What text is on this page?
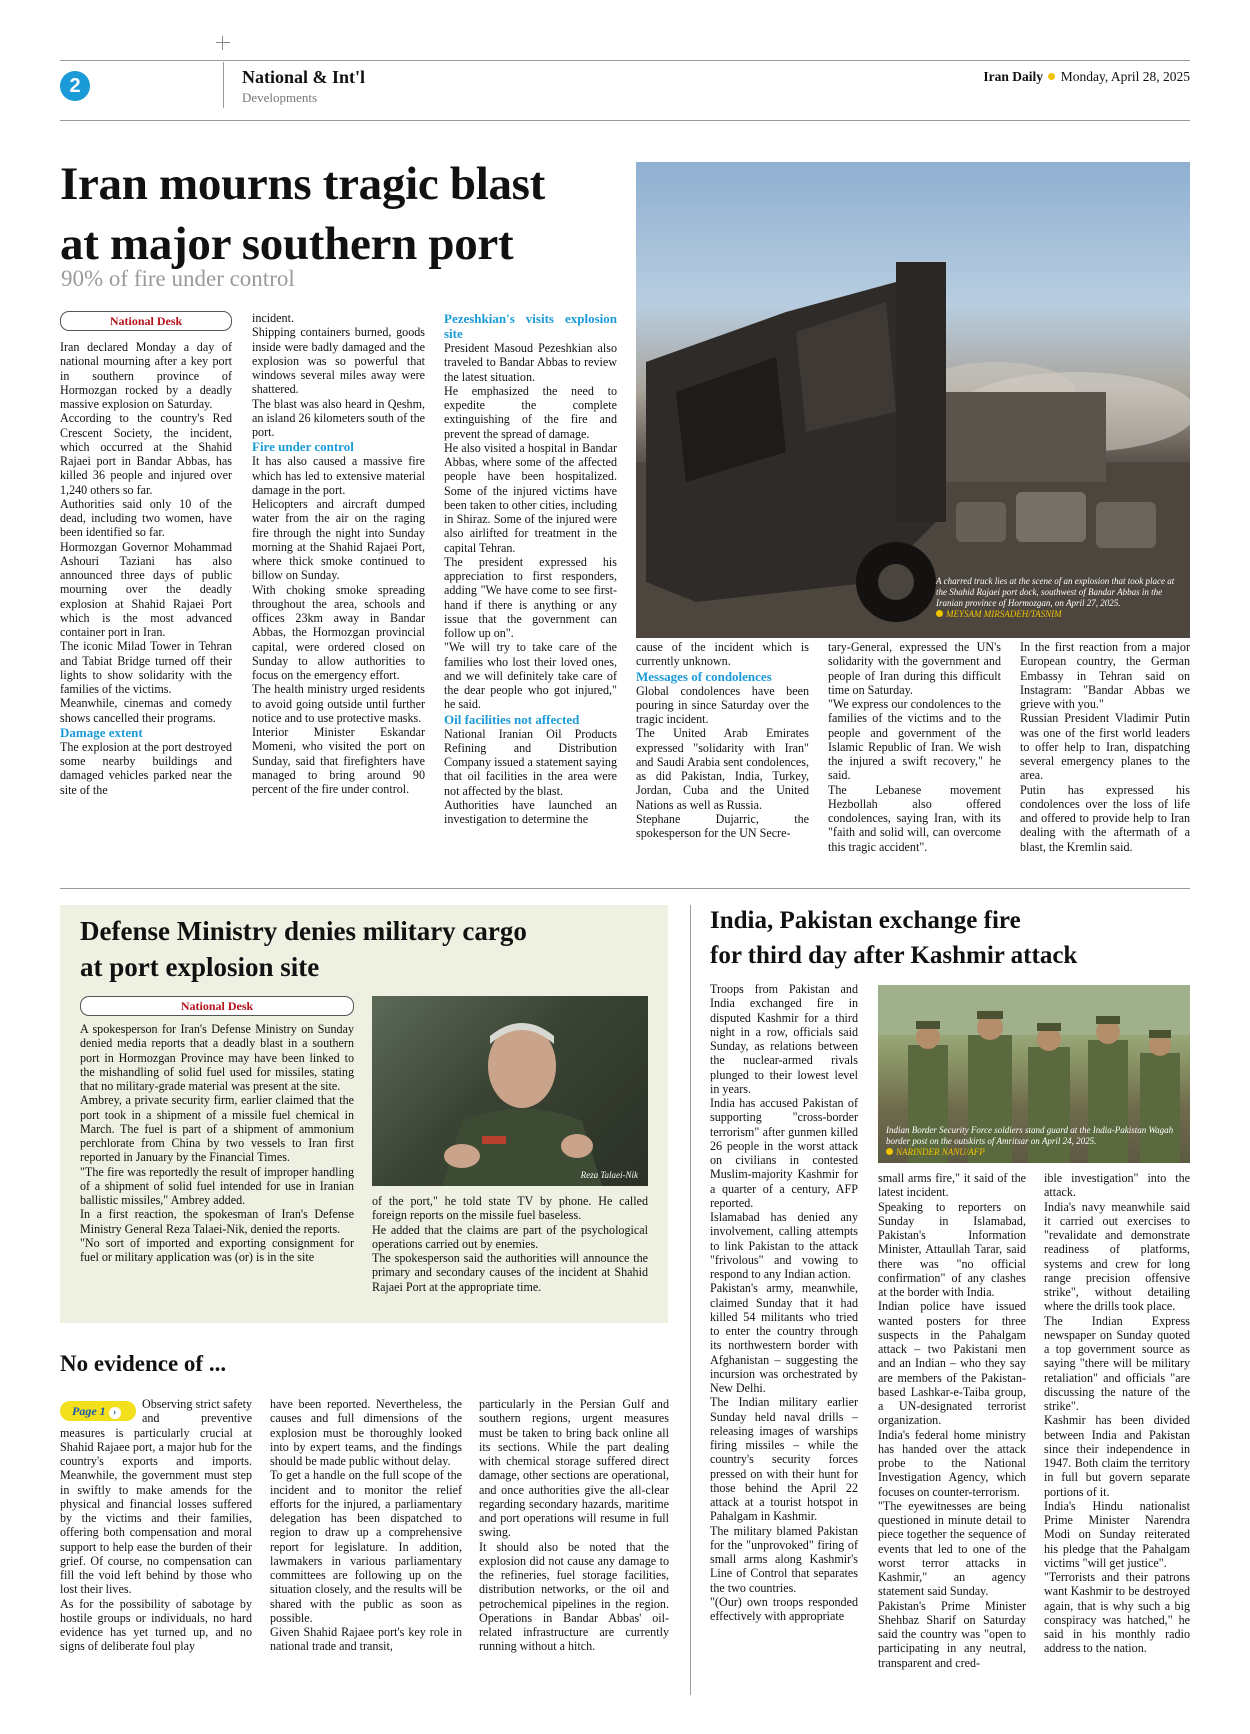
2	National & Int'l
Developments
Iran Daily Monday, April 28, 2025
Iran mourns tragic blast
at major southern port
90% of fire under control
National Desk

Iran declared Monday a day of national mourning after a key port in southern province of Hormozgan rocked by a deadly massive explosion on Saturday.

According to the country's Red Crescent Society, the incident, which occurred at the Shahid Rajaei port in Bandar Abbas, has killed 36 people and injured over 1,240 others so far.

Authorities said only 10 of the dead, including two women, have been identified so far.

Hormozgan Governor Mohammad Ashouri Taziani has also announced three days of public mourning over the deadly explosion at Shahid Rajaei Port which is the most advanced container port in Iran.

The iconic Milad Tower in Tehran and Tabiat Bridge turned off their lights to show solidarity with the families of the victims.

Meanwhile, cinemas and comedy shows cancelled their programs.

Damage extent

The explosion at the port destroyed some nearby buildings and damaged vehicles parked near the site of the

incident.

Shipping containers burned, goods inside were badly damaged and the explosion was so powerful that windows several miles away were shattered.

The blast was also heard in Qeshm, an island 26 kilometers south of the port.

Fire under control

It has also caused a massive fire which has led to extensive material damage in the port.

Helicopters and aircraft dumped water from the air on the raging fire through the night into Sunday morning at the Shahid Rajaei Port, where thick smoke continued to billow on Sunday.

With choking smoke spreading throughout the area, schools and offices 23km away in Bandar Abbas, the Hormozgan provincial capital, were ordered closed on Sunday to allow authorities to focus on the emergency effort.

The health ministry urged residents to avoid going outside until further notice and to use protective masks.

Interior Minister Eskandar Momeni, who visited the port on Sunday, said that firefighters have managed to bring around 90 percent of the fire under control.

Pezeshkian's visits explosion site

President Masoud Pezeshkian also traveled to Bandar Abbas to review the latest situation.

He emphasized the need to expedite the complete extinguishing of the fire and prevent the spread of damage.

He also visited a hospital in Bandar Abbas, where some of the affected people have been hospitalized. Some of the injured victims have been taken to other cities, including in Shiraz. Some of the injured were also airlifted for treatment in the capital Tehran.

The president expressed his appreciation to first responders, adding "We have come to see first-hand if there is anything or any issue that the government can follow up on".

"We will try to take care of the families who lost their loved ones, and we will definitely take care of the dear people who got injured," he said.

Oil facilities not affected

National Iranian Oil Products Refining and Distribution Company issued a statement saying that oil facilities in the area were not affected by the blast.

Authorities have launched an investigation to determine the

A charred truck lies at the scene of an explosion that took place at the Shahid Rajaei port dock, southwest of Bandar Abbas in the Iranian province of Hormozgan, on April 27, 2025.
MEYSAM MIRSADEH/TASNIM

cause of the incident which is currently unknown.

Messages of condolences

Global condolences have been pouring in since Saturday over the tragic incident.

The United Arab Emirates expressed "solidarity with Iran" and Saudi Arabia sent condolences, as did Pakistan, India, Turkey, Jordan, Cuba and the United Nations as well as Russia.

Stephane Dujarric, the spokesperson for the UN Secre-

tary-General, expressed the UN's solidarity with the government and people of Iran during this difficult time on Saturday.

"We express our condolences to the families of the victims and to the people and government of the Islamic Republic of Iran. We wish the injured a swift recovery," he said.

The Lebanese movement Hezbollah also offered condolences, saying Iran, with its "faith and solid will, can overcome this tragic accident".

In the first reaction from a major European country, the German Embassy in Tehran said on Instagram: "Bandar Abbas we grieve with you."

Russian President Vladimir Putin was one of the first world leaders to offer help to Iran, dispatching several emergency planes to the area.

Putin has expressed his condolences over the loss of life and offered to provide help to Iran dealing with the aftermath of a blast, the Kremlin said.

Defense Ministry denies military cargo
at port explosion site
National Desk

A spokesperson for Iran's Defense Ministry on Sunday denied media reports that a deadly blast in a southern port in Hormozgan Province may have been linked to the mishandling of solid fuel used for missiles, stating that no military-grade material was present at the site.

Ambrey, a private security firm, earlier claimed that the port took in a shipment of a missile fuel chemical in March. The fuel is part of a shipment of ammonium perchlorate from China by two vessels to Iran first reported in January by the Financial Times.

"The fire was reportedly the result of improper handling of a shipment of solid fuel intended for use in Iranian ballistic missiles," Ambrey added.

In a first reaction, the spokesman of Iran's Defense Ministry General Reza Talaei-Nik, denied the reports.

"No sort of imported and exporting consignment for fuel or military application was (or) is in the site

Reza Talaei-Nik

of the port," he told state TV by phone. He called foreign reports on the missile fuel baseless.

He added that the claims are part of the psychological operations carried out by enemies.

The spokesperson said the authorities will announce the primary and secondary causes of the incident at Shahid Rajaei Port at the appropriate time.

No evidence of ...
Page 1 ›

Observing strict safety and preventive measures is particularly crucial at Shahid Rajaee port, a major hub for the country's exports and imports. Meanwhile, the government must step in swiftly to make amends for the physical and financial losses suffered by the victims and their families, offering both compensation and moral support to help ease the burden of their grief. Of course, no compensation can fill the void left behind by those who lost their lives.

As for the possibility of sabotage by hostile groups or individuals, no hard evidence has yet turned up, and no signs of deliberate foul play

have been reported. Nevertheless, the causes and full dimensions of the explosion must be thoroughly looked into by expert teams, and the findings should be made public without delay.

To get a handle on the full scope of the incident and to monitor the relief efforts for the injured, a parliamentary delegation has been dispatched to region to draw up a comprehensive report for legislature. In addition, lawmakers in various parliamentary committees are following up on the situation closely, and the results will be shared with the public as soon as possible.

Given Shahid Rajaee port's key role in national trade and transit,

particularly in the Persian Gulf and southern regions, urgent measures must be taken to bring back online all its sections. While the part dealing with chemical storage suffered direct damage, other sections are operational, and once authorities give the all-clear regarding secondary hazards, maritime and port operations will resume in full swing.

It should also be noted that the explosion did not cause any damage to the refineries, fuel storage facilities, distribution networks, or the oil and petrochemical pipelines in the region. Operations in Bandar Abbas' oil-related infrastructure are currently running without a hitch.

India, Pakistan exchange fire
for third day after Kashmir attack

Troops from Pakistan and India exchanged fire in disputed Kashmir for a third night in a row, officials said Sunday, as relations between the nuclear-armed rivals plunged to their lowest level in years.

India has accused Pakistan of supporting "cross-border terrorism" after gunmen killed 26 people in the worst attack on civilians in contested Muslim-majority Kashmir for a quarter of a century, AFP reported.

Islamabad has denied any involvement, calling attempts to link Pakistan to the attack "frivolous" and vowing to respond to any Indian action.

Pakistan's army, meanwhile, claimed Sunday that it had killed 54 militants who tried to enter the country through its northwestern border with Afghanistan – suggesting the incursion was orchestrated by New Delhi.

The Indian military earlier Sunday held naval drills – releasing images of warships firing missiles – while the country's security forces pressed on with their hunt for those behind the April 22 attack at a tourist hotspot in Pahalgam in Kashmir.

The military blamed Pakistan for the "unprovoked" firing of small arms along Kashmir's Line of Control that separates the two countries.

"(Our) own troops responded effectively with appropriate

Indian Border Security Force soldiers stand guard at the India-Pakistan Wagah border post on the outskirts of Amritsar on April 24, 2025.
NARINDER NANU/AFP

small arms fire," it said of the latest incident.

Speaking to reporters on Sunday in Islamabad, Pakistan's Information Minister, Attaullah Tarar, said there was "no official confirmation" of any clashes at the border with India.

Indian police have issued wanted posters for three suspects in the Pahalgam attack – two Pakistani men and an Indian – who they say are members of the Pakistan-based Lashkar-e-Taiba group, a UN-designated terrorist organization.

India's federal home ministry has handed over the attack probe to the National Investigation Agency, which focuses on counter-terrorism.

"The eyewitnesses are being questioned in minute detail to piece together the sequence of events that led to one of the worst terror attacks in Kashmir," an agency statement said Sunday.

Pakistan's Prime Minister Shehbaz Sharif on Saturday said the country was "open to participating in any neutral, transparent and cred-

ible investigation" into the attack.

India's navy meanwhile said it carried out exercises to "revalidate and demonstrate readiness of platforms, systems and crew for long range precision offensive strike", without detailing where the drills took place.

The Indian Express newspaper on Sunday quoted a top government source as saying "there will be military retaliation" and officials "are discussing the nature of the strike".

Kashmir has been divided between India and Pakistan since their independence in 1947. Both claim the territory in full but govern separate portions of it.

India's Hindu nationalist Prime Minister Narendra Modi on Sunday reiterated his pledge that the Pahalgam victims "will get justice".

"Terrorists and their patrons want Kashmir to be destroyed again, that is why such a big conspiracy was hatched," he said in his monthly radio address to the nation.
